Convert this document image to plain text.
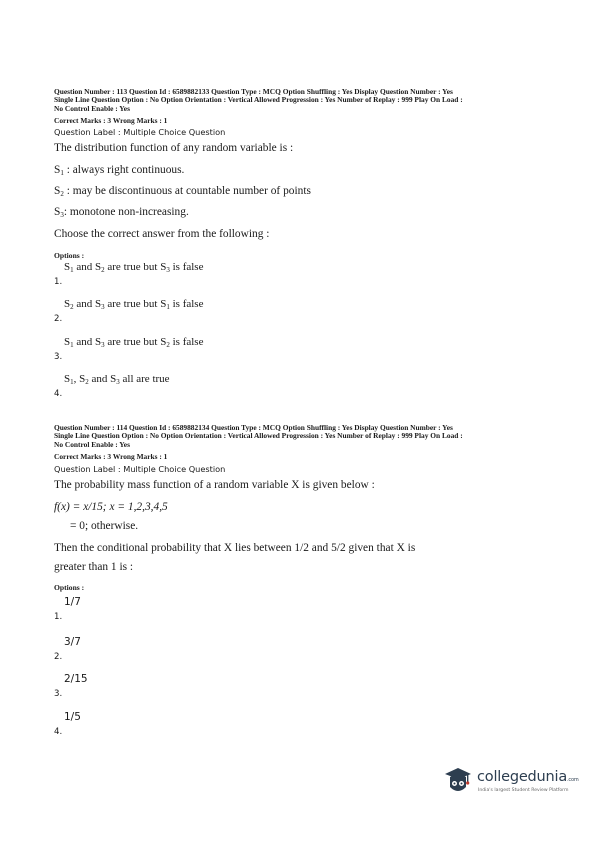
Question Number : 113 Question Id : 6589882133 Question Type : MCQ Option Shuffling : Yes Display Question Number : Yes
Single Line Question Option : No Option Orientation : Vertical Allowed Progression : Yes Number of Replay : 999 Play On Load :
No Control Enable : Yes
Correct Marks : 3 Wrong Marks : 1
Question Label : Multiple Choice Question
The distribution function of any random variable is :
$S_1$ : always right continuous.
$S_2$ : may be discontinuous at countable number of points
$S_3$: monotone non-increasing.
Choose the correct answer from the following :
Options :
1.
$S_1$ and $S_2$ are true but $S_3$ is false
2.
$S_2$ and $S_3$ are true but $S_1$ is false
3.
$S_1$ and $S_3$ are true but $S_2$ is false
4.
$S_1$, $S_2$ and $S_3$ all are true
Question Number : 114 Question Id : 6589882134 Question Type : MCQ Option Shuffling : Yes Display Question Number : Yes
Single Line Question Option : No Option Orientation : Vertical Allowed Progression : Yes Number of Replay : 999 Play On Load :
No Control Enable : Yes
Correct Marks : 3 Wrong Marks : 1
Question Label : Multiple Choice Question
The probability mass function of a random variable X is given below :
f(x) = x/15; x = 1,2,3,4,5
= 0; otherwise.
Then the conditional probability that X lies between 1/2 and 5/2 given that X is
greater than 1 is :
Options :
1.
1/7
2.
3/7
3.
2/15
4.
1/5
collegedunia.com
India's largest Student Review Platform
